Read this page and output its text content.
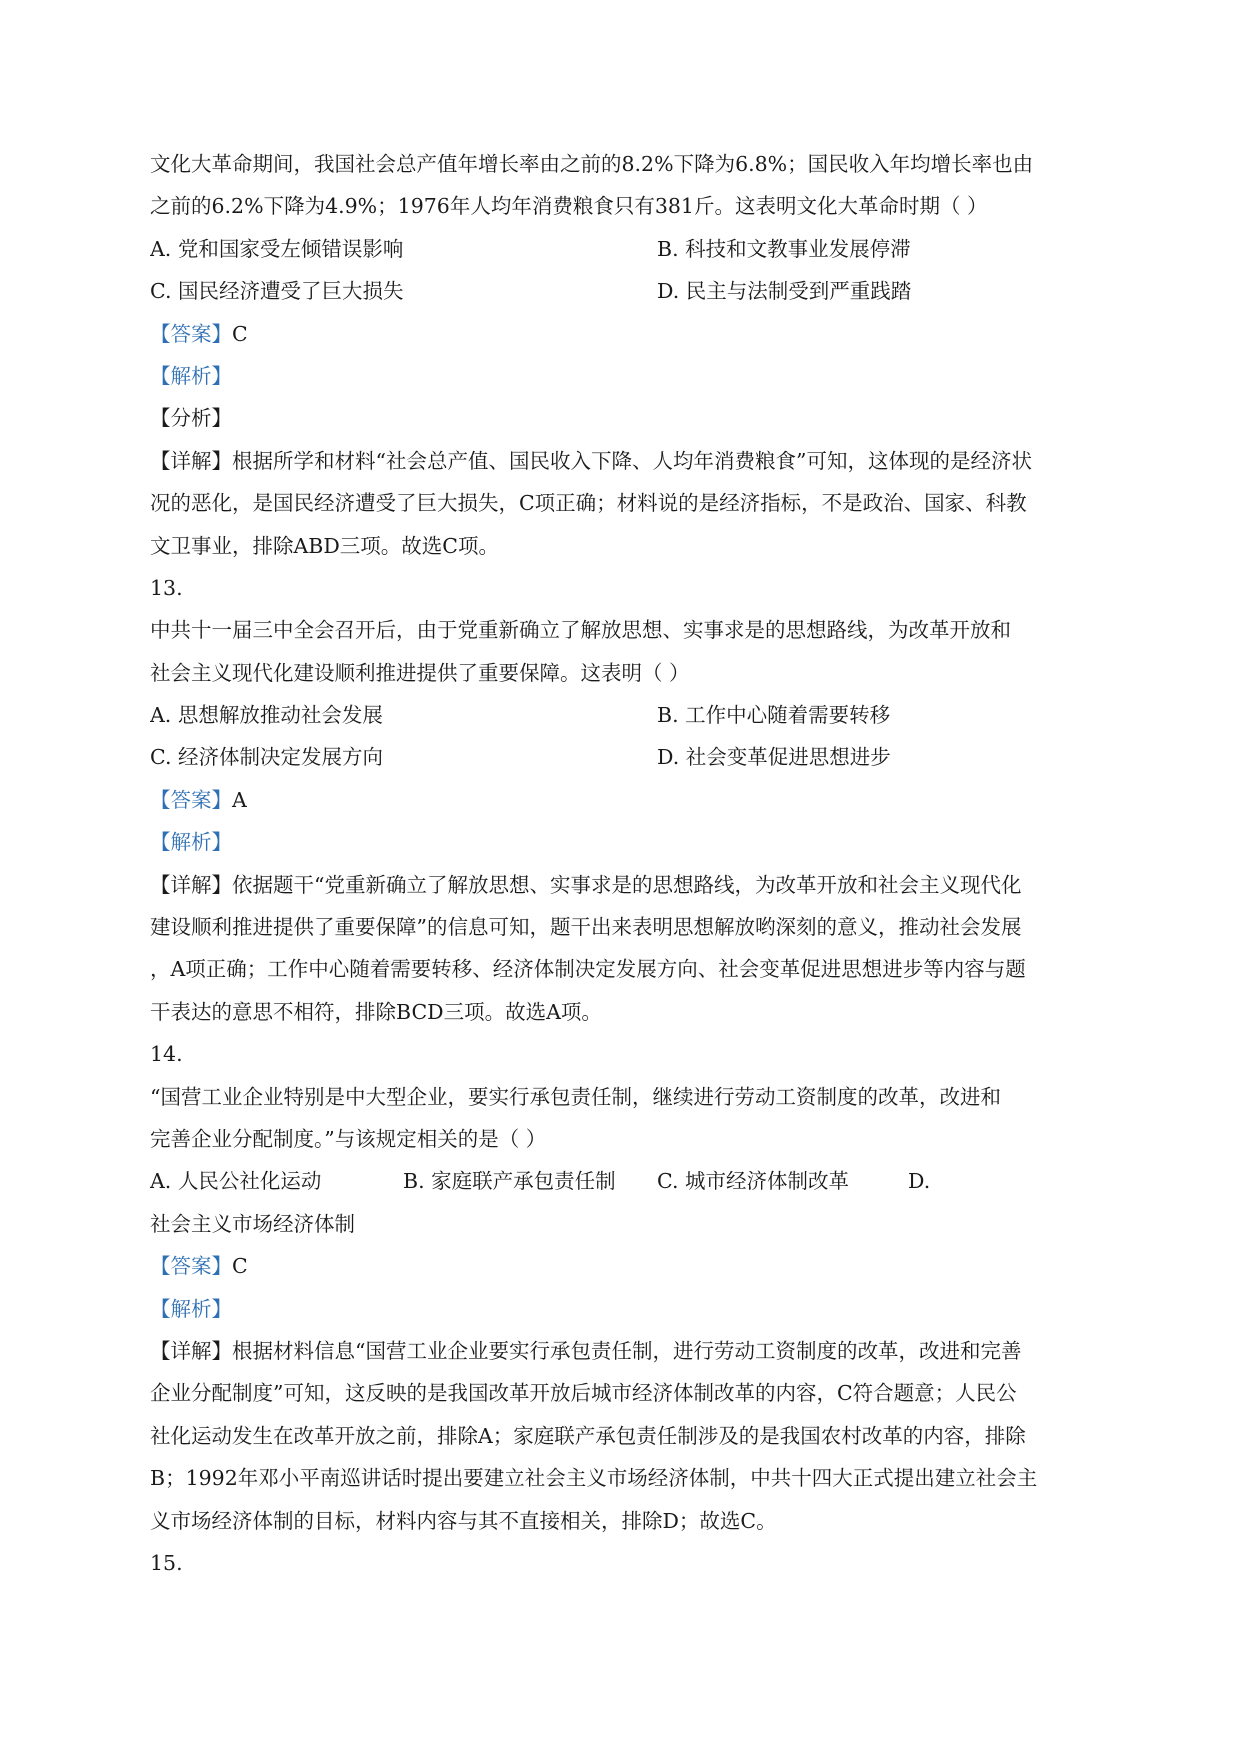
文化大革命期间，我国社会总产值年增长率由之前的8.2%下降为6.8%；国民收入年均增长率也由
之前的6.2%下降为4.9%；1976年人均年消费粮食只有381斤。这表明文化大革命时期（ ）
A. 党和国家受左倾错误影响	B. 科技和文教事业发展停滞
C. 国民经济遭受了巨大损失	D. 民主与法制受到严重践踏
【答案】C
【解析】
【分析】
【详解】根据所学和材料“社会总产值、国民收入下降、人均年消费粮食”可知，这体现的是经济状
况的恶化，是国民经济遭受了巨大损失，C项正确；材料说的是经济指标，不是政治、国家、科教
文卫事业，排除ABD三项。故选C项。
13.
中共十一届三中全会召开后，由于党重新确立了解放思想、实事求是的思想路线，为改革开放和
社会主义现代化建设顺利推进提供了重要保障。这表明（ ）
A. 思想解放推动社会发展	B. 工作中心随着需要转移
C. 经济体制决定发展方向	D. 社会变革促进思想进步
【答案】A
【解析】
【详解】依据题干“党重新确立了解放思想、实事求是的思想路线，为改革开放和社会主义现代化
建设顺利推进提供了重要保障”的信息可知，题干出来表明思想解放哟深刻的意义，推动社会发展
，A项正确；工作中心随着需要转移、经济体制决定发展方向、社会变革促进思想进步等内容与题
干表达的意思不相符，排除BCD三项。故选A项。
14.
“国营工业企业特别是中大型企业，要实行承包责任制，继续进行劳动工资制度的改革，改进和
完善企业分配制度。”与该规定相关的是（ ）
A. 人民公社化运动	B. 家庭联产承包责任制 C. 城市经济体制改革	D.
社会主义市场经济体制
【答案】C
【解析】
【详解】根据材料信息“国营工业企业要实行承包责任制，进行劳动工资制度的改革，改进和完善
企业分配制度”可知，这反映的是我国改革开放后城市经济体制改革的内容，C符合题意；人民公
社化运动发生在改革开放之前，排除A；家庭联产承包责任制涉及的是我国农村改革的内容，排除
B；1992年邓小平南巡讲话时提出要建立社会主义市场经济体制，中共十四大正式提出建立社会主
义市场经济体制的目标，材料内容与其不直接相关，排除D；故选C。
15.
